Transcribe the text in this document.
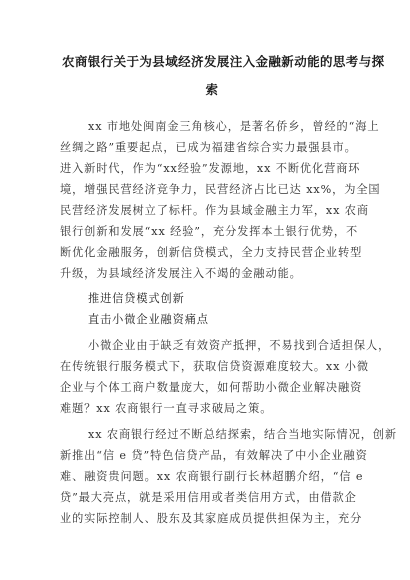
农商银行关于为县域经济发展注入金融新动能的思考与探
索
xx 市地处闽南金三角核心，是著名侨乡，曾经的“海上
丝绸之路”重要起点，已成为福建省综合实力最强县市。
进入新时代，作为“xx经验”发源地，xx 不断优化营商环
境，增强民营经济竞争力，民营经济占比已达 xx%，为全国
民营经济发展树立了标杆。作为县域金融主力军，xx 农商
银行创新和发展“xx 经验”，充分发挥本土银行优势，不
断优化金融服务，创新信贷模式，全力支持民营企业转型
升级，为县域经济发展注入不竭的金融动能。
推进信贷模式创新
直击小微企业融资痛点
小微企业由于缺乏有效资产抵押，不易找到合适担保人，
在传统银行服务模式下，获取信贷资源难度较大。xx 小微
企业与个体工商户数量庞大，如何帮助小微企业解决融资
难题？xx 农商银行一直寻求破局之策。
xx 农商银行经过不断总结探索，结合当地实际情况，创新
新推出“信 e 贷”特色信贷产品，有效解决了中小企业融资
难、融资贵问题。xx 农商银行副行长林超鹏介绍，“信 e
贷”最大亮点，就是采用信用或者类信用方式，由借款企
业的实际控制人、股东及其家庭成员提供担保为主，充分
